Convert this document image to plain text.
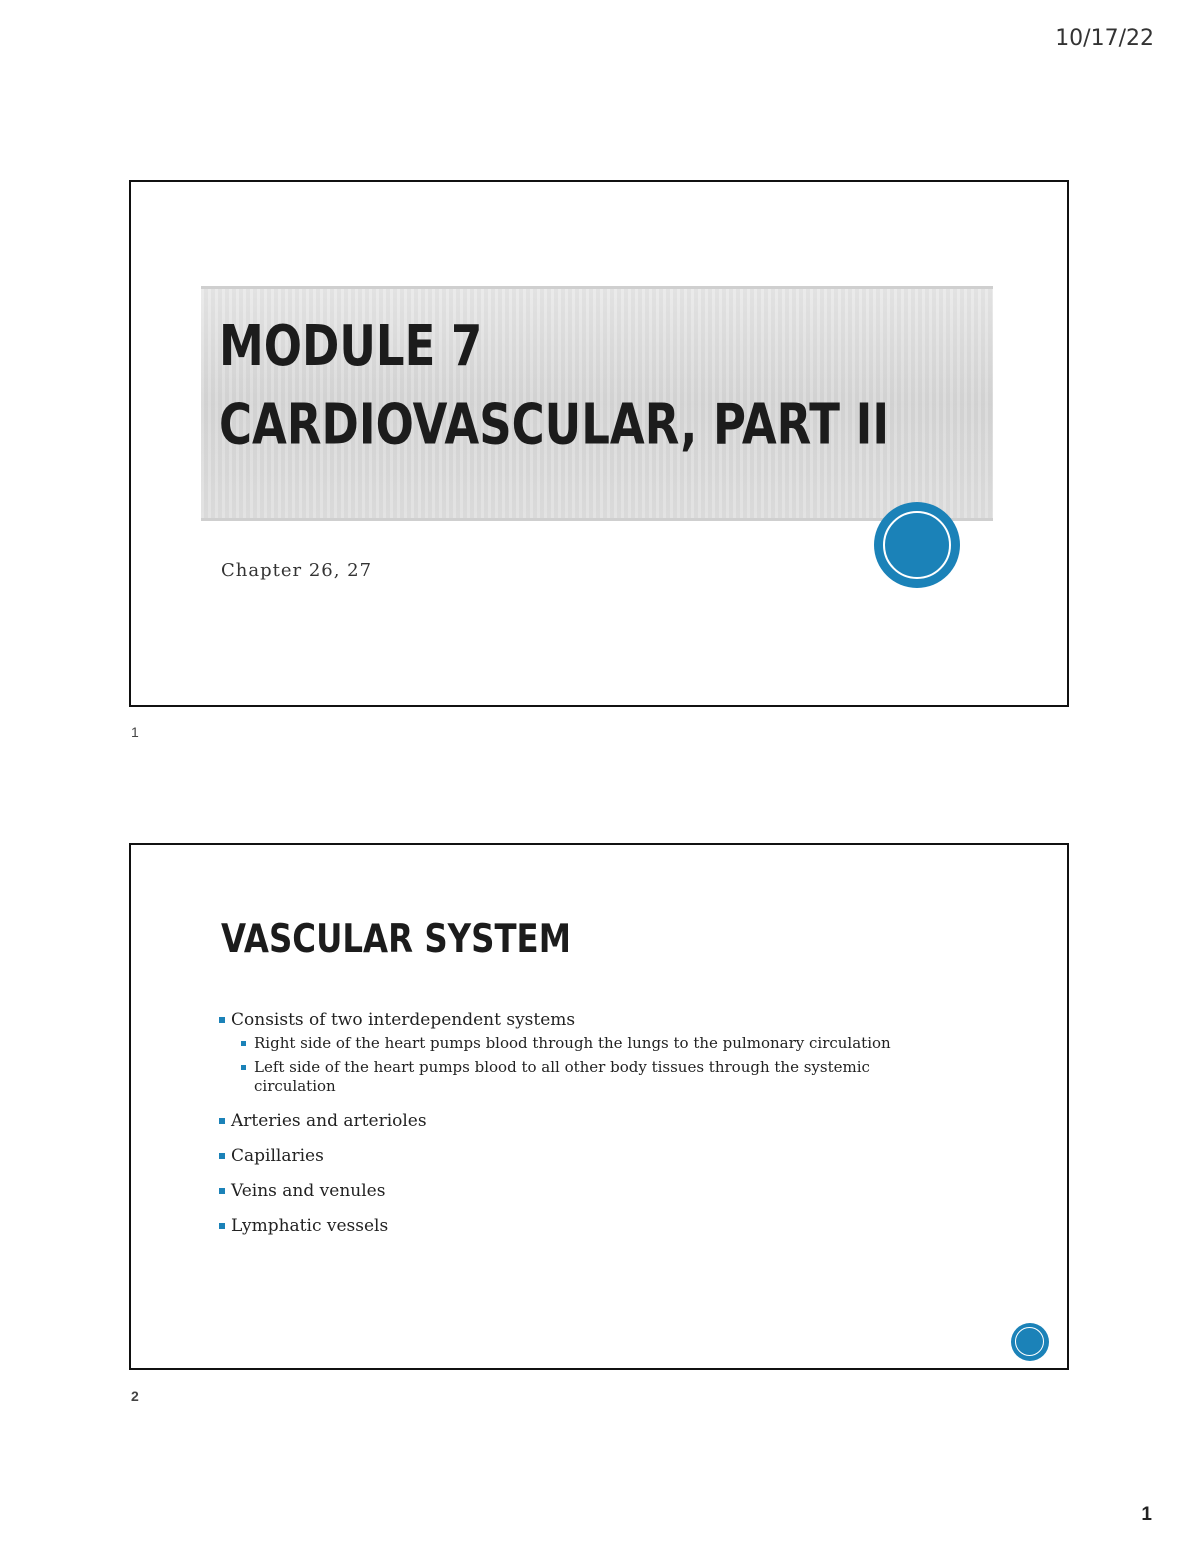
10/17/22
MODULE 7
CARDIOVASCULAR, PART II
Chapter 26, 27
1
VASCULAR SYSTEM
Consists of two interdependent systems
Right side of the heart pumps blood through the lungs to the pulmonary circulation
Left side of the heart pumps blood to all other body tissues through the systemic circulation
Arteries and arterioles
Capillaries
Veins and venules
Lymphatic vessels
2
1
